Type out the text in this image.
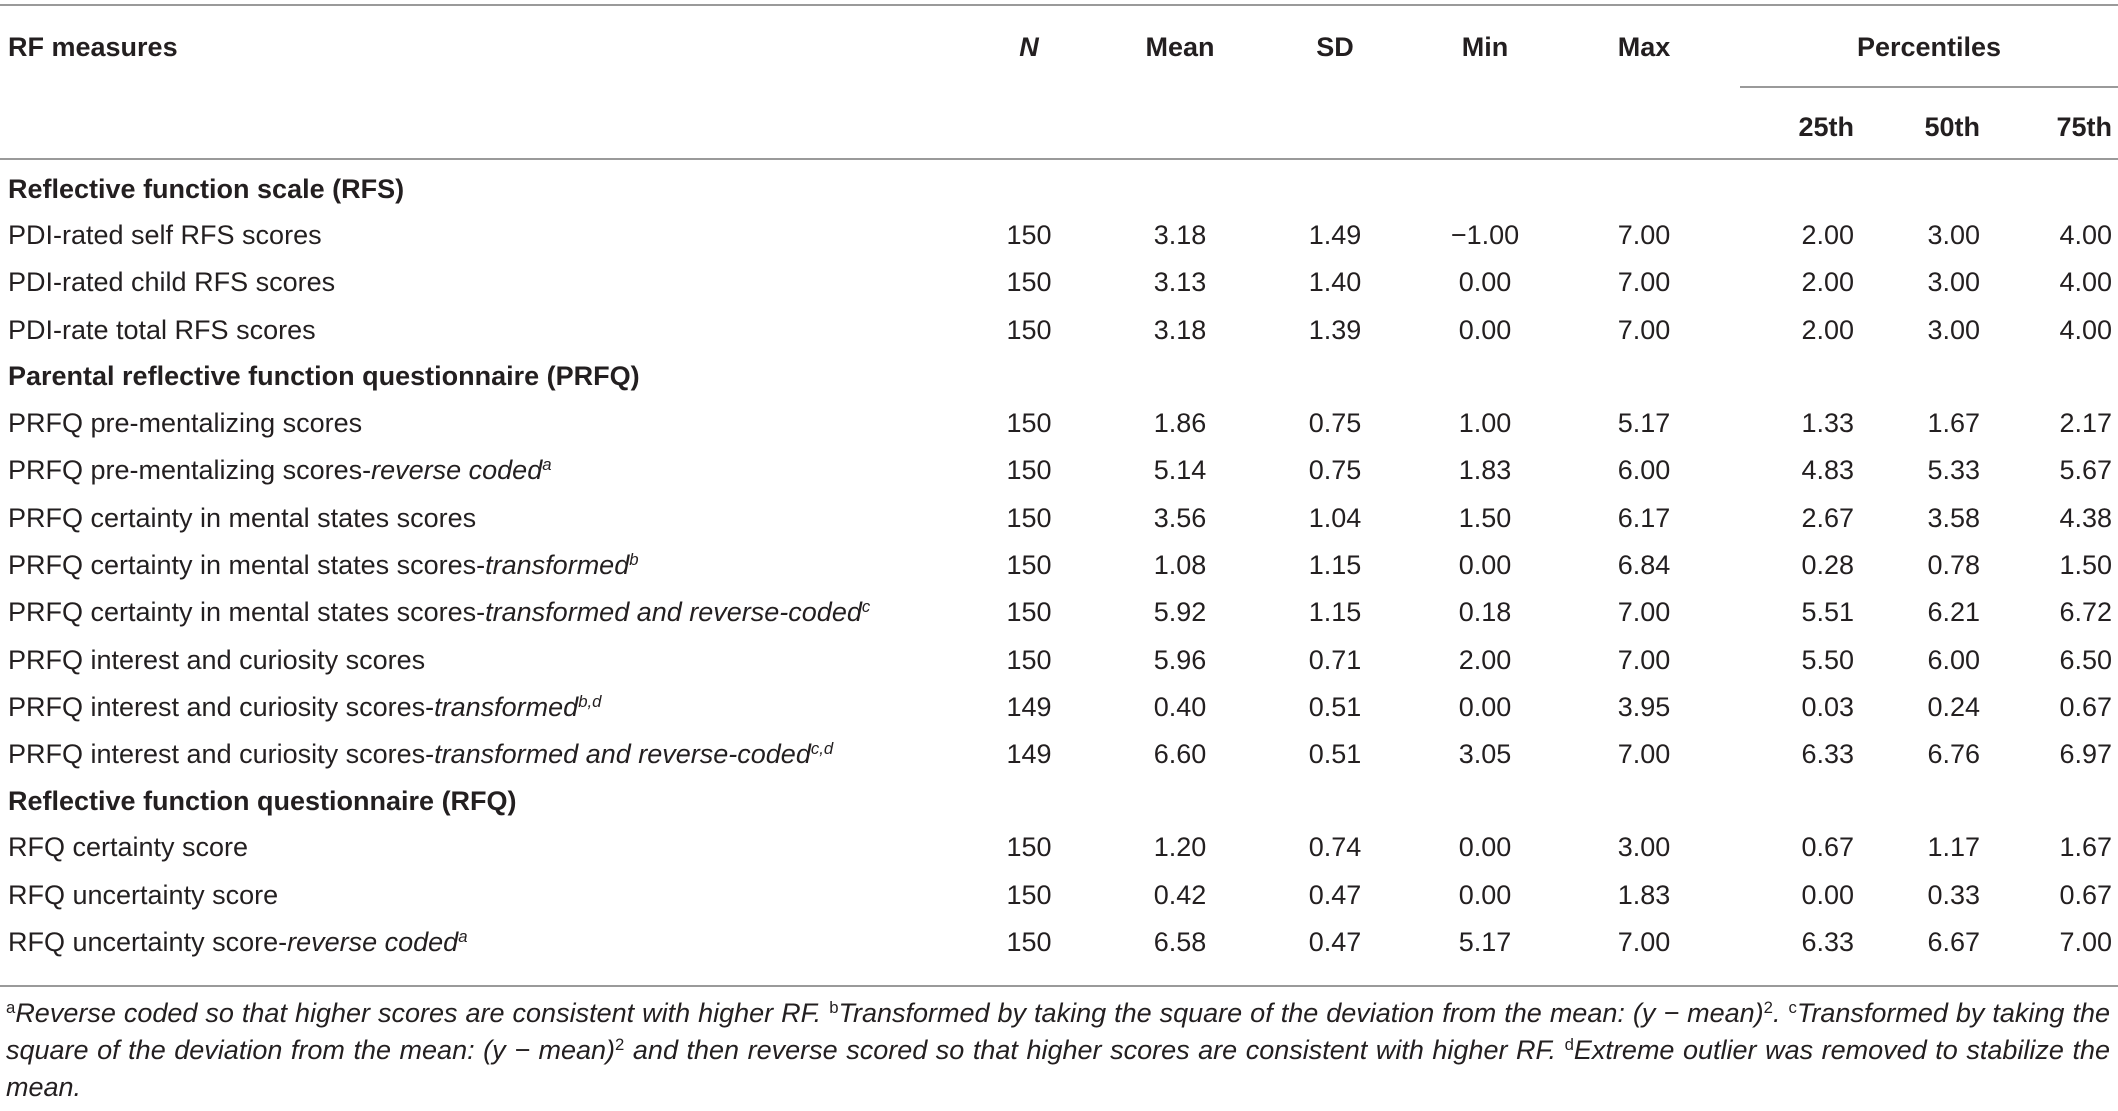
RF measures	N	Mean	SD	Min	Max	Percentiles		

						25th	50th	75th
Reflective function scale (RFS)								
PDI-rated self RFS scores	150	3.18	1.49	−1.00	7.00	2.00	3.00	4.00
PDI-rated child RFS scores	150	3.13	1.40	0.00	7.00	2.00	3.00	4.00
PDI-rate total RFS scores	150	3.18	1.39	0.00	7.00	2.00	3.00	4.00
Parental reflective function questionnaire (PRFQ)								
PRFQ pre-mentalizing scores	150	1.86	0.75	1.00	5.17	1.33	1.67	2.17
PRFQ pre-mentalizing scores-reverse coded$^a$	150	5.14	0.75	1.83	6.00	4.83	5.33	5.67
PRFQ certainty in mental states scores	150	3.56	1.04	1.50	6.17	2.67	3.58	4.38
PRFQ certainty in mental states scores-transformed$^b$	150	1.08	1.15	0.00	6.84	0.28	0.78	1.50
PRFQ certainty in mental states scores-transformed and reverse-coded$^c$	150	5.92	1.15	0.18	7.00	5.51	6.21	6.72
PRFQ interest and curiosity scores	150	5.96	0.71	2.00	7.00	5.50	6.00	6.50
PRFQ interest and curiosity scores-transformed$^{b,d}$	149	0.40	0.51	0.00	3.95	0.03	0.24	0.67
PRFQ interest and curiosity scores-transformed and reverse-coded$^{c,d}$	149	6.60	0.51	3.05	7.00	6.33	6.76	6.97
Reflective function questionnaire (RFQ)								
RFQ certainty score	150	1.20	0.74	0.00	3.00	0.67	1.17	1.67
RFQ uncertainty score	150	0.42	0.47	0.00	1.83	0.00	0.33	0.67
RFQ uncertainty score-reverse coded$^a$	150	6.58	0.47	5.17	7.00	6.33	6.67	7.00
$^a$Reverse coded so that higher scores are consistent with higher RF. $^b$Transformed by taking the square of the deviation from the mean: (y − mean)$^2$. $^c$Transformed by taking the square of the deviation from the mean: (y − mean)$^2$ and then reverse scored so that higher scores are consistent with higher RF. $^d$Extreme outlier was removed to stabilize the mean.
